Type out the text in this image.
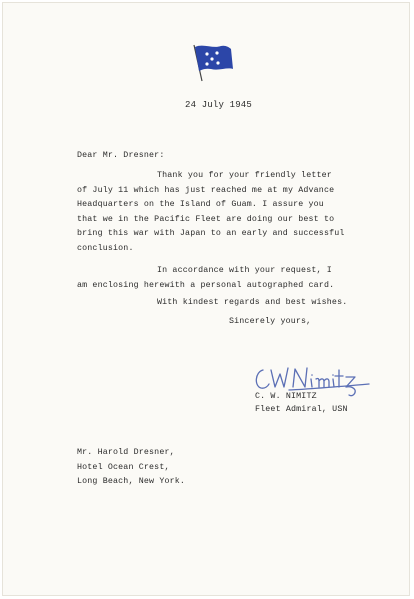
24 July 1945

Dear Mr. Dresner:

Thank you for your friendly letter
of July 11 which has just reached me at my Advance
Headquarters on the Island of Guam. I assure you
that we in the Pacific Fleet are doing our best to
bring this war with Japan to an early and successful
conclusion.

In accordance with your request, I
am enclosing herewith a personal autographed card.

With kindest regards and best wishes.

Sincerely yours,

C. W. NIMITZ

Fleet Admiral, USN

Mr. Harold Dresner,
Hotel Ocean Crest,
Long Beach, New York.
